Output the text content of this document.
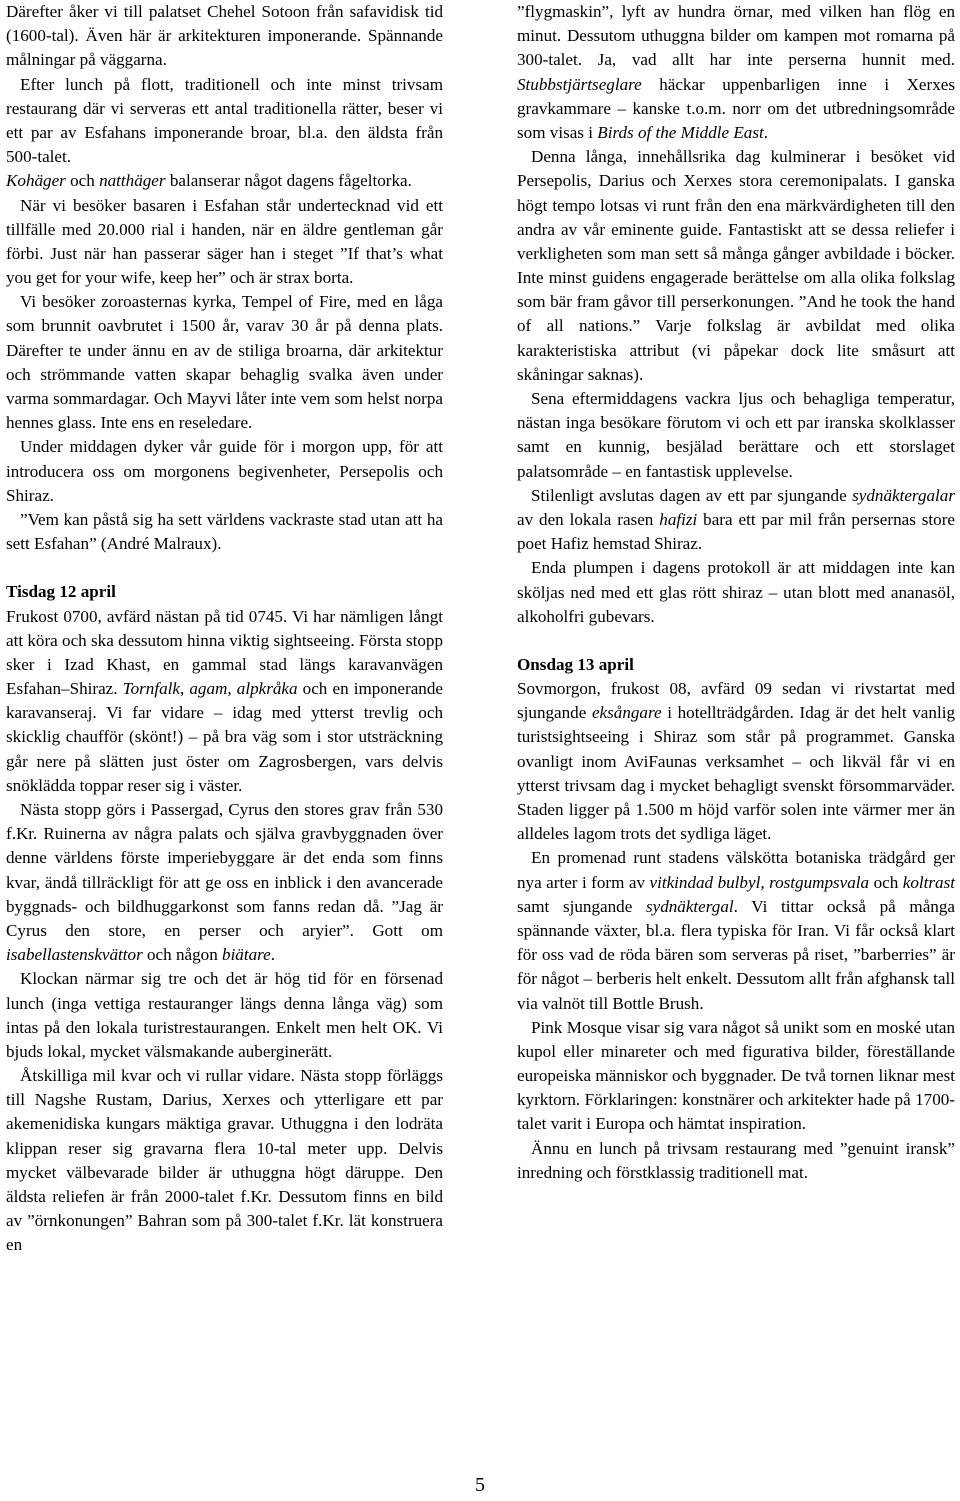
Därefter åker vi till palatset Chehel Sotoon från safavidisk tid (1600-tal). Även här är arkitekturen imponerande. Spännande målningar på väggarna.

Efter lunch på flott, traditionell och inte minst trivsam restaurang där vi serveras ett antal traditionella rätter, beser vi ett par av Esfahans imponerande broar, bl.a. den äldsta från 500-talet.

Kohäger och natthäger balanserar något dagens fågeltorka.

När vi besöker basaren i Esfahan står undertecknad vid ett tillfälle med 20.000 rial i handen, när en äldre gentleman går förbi. Just när han passerar säger han i steget ”If that’s what you get for your wife, keep her” och är strax borta.

Vi besöker zoroasternas kyrka, Tempel of Fire, med en låga som brunnit oavbrutet i 1500 år, varav 30 år på denna plats. Därefter te under ännu en av de stiliga broarna, där arkitektur och strömmande vatten skapar behaglig svalka även under varma sommardagar. Och Mayvi låter inte vem som helst norpa hennes glass. Inte ens en reseledare.

Under middagen dyker vår guide för i morgon upp, för att introducera oss om morgonens begivenheter, Persepolis och Shiraz.

”Vem kan påstå sig ha sett världens vackraste stad utan att ha sett Esfahan” (André Malraux).

Tisdag 12 april

Frukost 0700, avfärd nästan på tid 0745. Vi har nämligen långt att köra och ska dessutom hinna viktig sightseeing. Första stopp sker i Izad Khast, en gammal stad längs karavanvägen Esfahan–Shiraz. Tornfalk, agam, alpkråka och en imponerande karavanseraj. Vi far vidare – idag med ytterst trevlig och skicklig chaufför (skönt!) – på bra väg som i stor utsträckning går nere på slätten just öster om Zagrosbergen, vars delvis snöklädda toppar reser sig i väster.

Nästa stopp görs i Passergad, Cyrus den stores grav från 530 f.Kr. Ruinerna av några palats och själva gravbyggnaden över denne världens förste imperiebyggare är det enda som finns kvar, ändå tillräckligt för att ge oss en inblick i den avancerade byggnads- och bildhuggarkonst som fanns redan då. ”Jag är Cyrus den store, en perser och aryier”. Gott om isabellastenskvättor och någon biätare.

Klockan närmar sig tre och det är hög tid för en försenad lunch (inga vettiga restauranger längs denna långa väg) som intas på den lokala turistrestaurangen. Enkelt men helt OK. Vi bjuds lokal, mycket välsmakande auberginerätt.

Åtskilliga mil kvar och vi rullar vidare. Nästa stopp förläggs till Nagshe Rustam, Darius, Xerxes och ytterligare ett par akemenidiska kungars mäktiga gravar. Uthuggna i den lodräta klippan reser sig gravarna flera 10-tal meter upp. Delvis mycket välbevarade bilder är uthuggna högt däruppe. Den äldsta reliefen är från 2000-talet f.Kr. Dessutom finns en bild av ”örnkonungen” Bahran som på 300-talet f.Kr. lät konstruera en

”flygmaskin”, lyft av hundra örnar, med vilken han flög en minut. Dessutom uthuggna bilder om kampen mot romarna på 300-talet. Ja, vad allt har inte perserna hunnit med. Stubbstjärtseglare häckar uppenbarligen inne i Xerxes gravkammare – kanske t.o.m. norr om det utbredningsområde som visas i Birds of the Middle East.

Denna långa, innehållsrika dag kulminerar i besöket vid Persepolis, Darius och Xerxes stora ceremonipalats. I ganska högt tempo lotsas vi runt från den ena märkvärdigheten till den andra av vår eminente guide. Fantastiskt att se dessa reliefer i verkligheten som man sett så många gånger avbildade i böcker. Inte minst guidens engagerade berättelse om alla olika folkslag som bär fram gåvor till perserkonungen. ”And he took the hand of all nations.” Varje folkslag är avbildat med olika karakteristiska attribut (vi påpekar dock lite småsurt att skåningar saknas).

Sena eftermiddagens vackra ljus och behagliga temperatur, nästan inga besökare förutom vi och ett par iranska skolklasser samt en kunnig, besjälad berättare och ett storslaget palatsområde – en fantastisk upplevelse.

Stilenligt avslutas dagen av ett par sjungande sydnäktergalar av den lokala rasen hafizi bara ett par mil från persernas store poet Hafiz hemstad Shiraz.

Enda plumpen i dagens protokoll är att middagen inte kan sköljas ned med ett glas rött shiraz – utan blott med ananasöl, alkoholfri gubevars.

Onsdag 13 april

Sovmorgon, frukost 08, avfärd 09 sedan vi rivstartat med sjungande eksångare i hotellträdgården. Idag är det helt vanlig turistsightseeing i Shiraz som står på programmet. Ganska ovanligt inom AviFaunas verksamhet – och likväl får vi en ytterst trivsam dag i mycket behagligt svenskt försommarväder. Staden ligger på 1.500 m höjd varför solen inte värmer mer än alldeles lagom trots det sydliga läget.

En promenad runt stadens välskötta botaniska trädgård ger nya arter i form av vitkindad bulbyl, rostgumpsvala och koltrast samt sjungande sydnäktergal. Vi tittar också på många spännande växter, bl.a. flera typiska för Iran. Vi får också klart för oss vad de röda bären som serveras på riset, ”barberries” är för något – berberis helt enkelt. Dessutom allt från afghansk tall via valnöt till Bottle Brush.

Pink Mosque visar sig vara något så unikt som en moské utan kupol eller minareter och med figurativa bilder, föreställande europeiska människor och byggnader. De två tornen liknar mest kyrktorn. Förklaringen: konstnärer och arkitekter hade på 1700-talet varit i Europa och hämtat inspiration.

Ännu en lunch på trivsam restaurang med ”genuint iransk” inredning och förstklassig traditionell mat.

5
